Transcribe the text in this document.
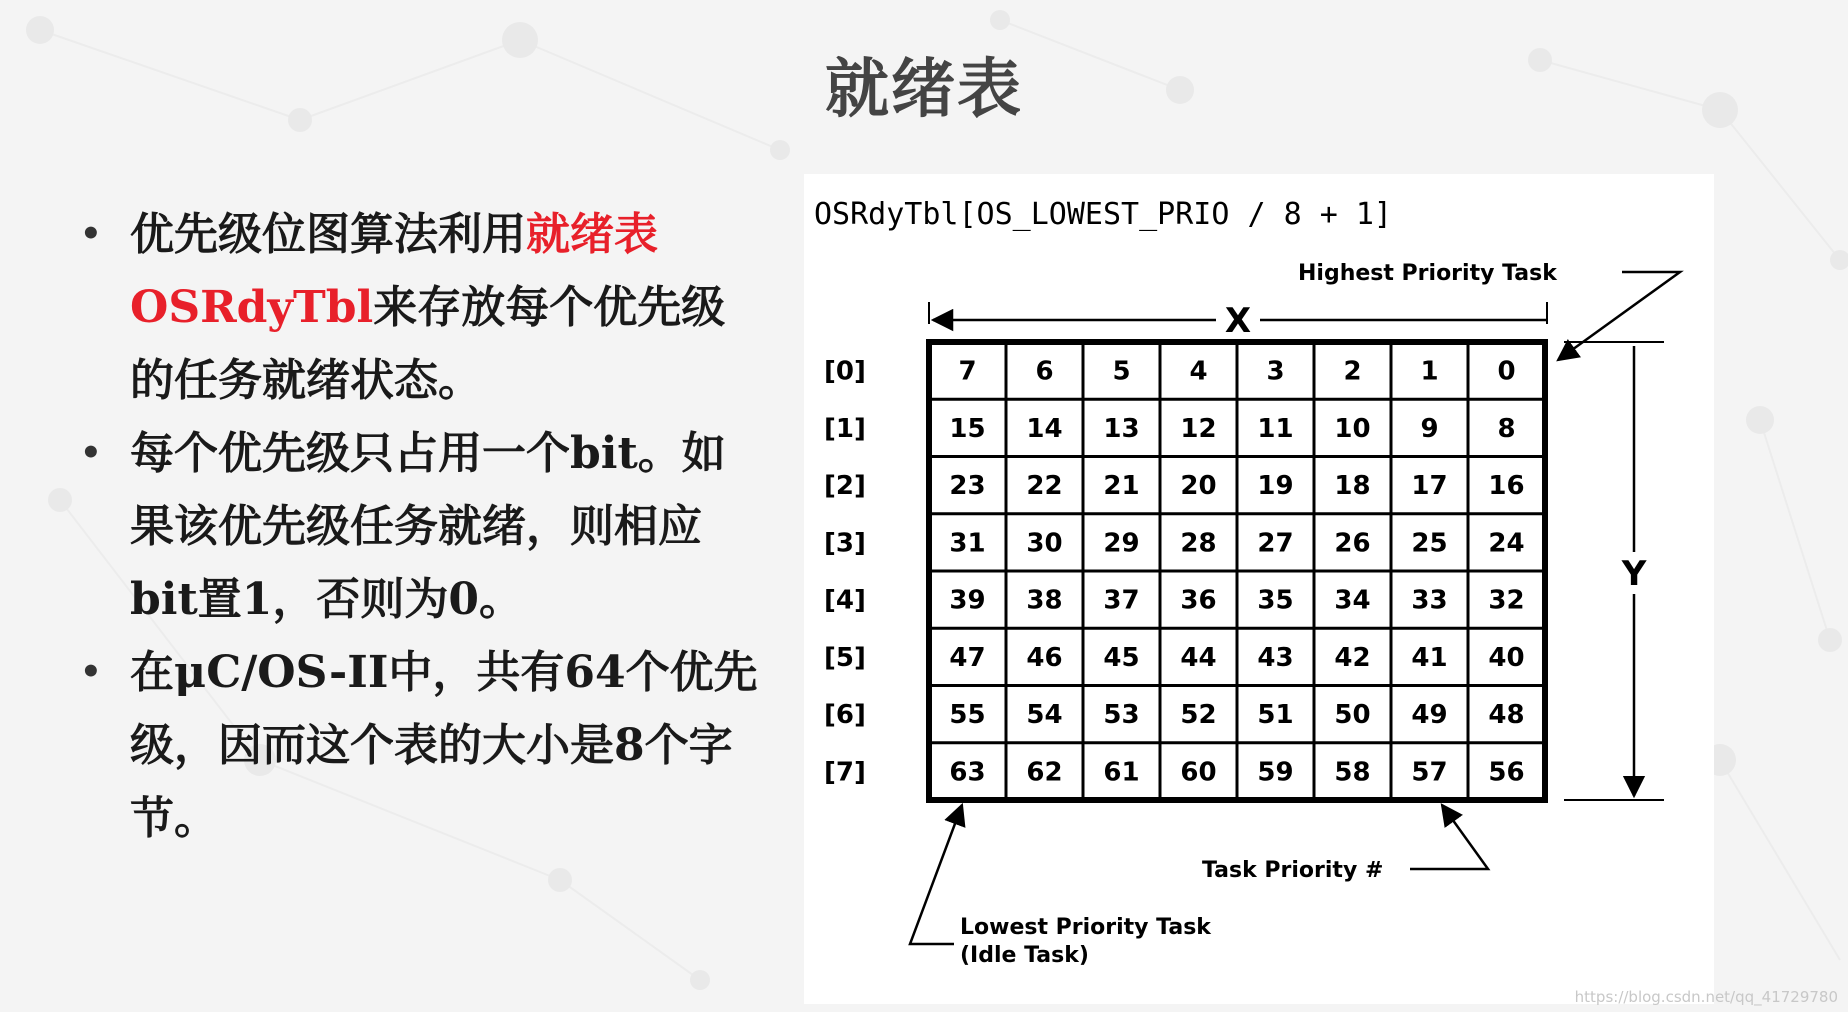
就绪表
• 优先级位图算法利用就绪表OSRdyTbl来存放每个优先级的任务就绪状态。
• 每个优先级只占用一个bit。如果该优先级任务就绪，则相应bit置1，否则为0。
• 在μC/OS-II中，共有64个优先级，因而这个表的大小是8个字节。
OSRdyTbl[OS_LOWEST_PRIO / 8 + 1]
Highest Priority Task
X
Y
7 6 5 4 3 2 1 0
15 14 13 12 11 10 9 8
23 22 21 20 19 18 17 16
31 30 29 28 27 26 25 24
39 38 37 36 35 34 33 32
47 46 45 44 43 42 41 40
55 54 53 52 51 50 49 48
63 62 61 60 59 58 57 56
[0]
[1]
[2]
[3]
[4]
[5]
[6]
[7]
Task Priority #
Lowest Priority Task
(Idle Task)
https://blog.csdn.net/qq_41729780
